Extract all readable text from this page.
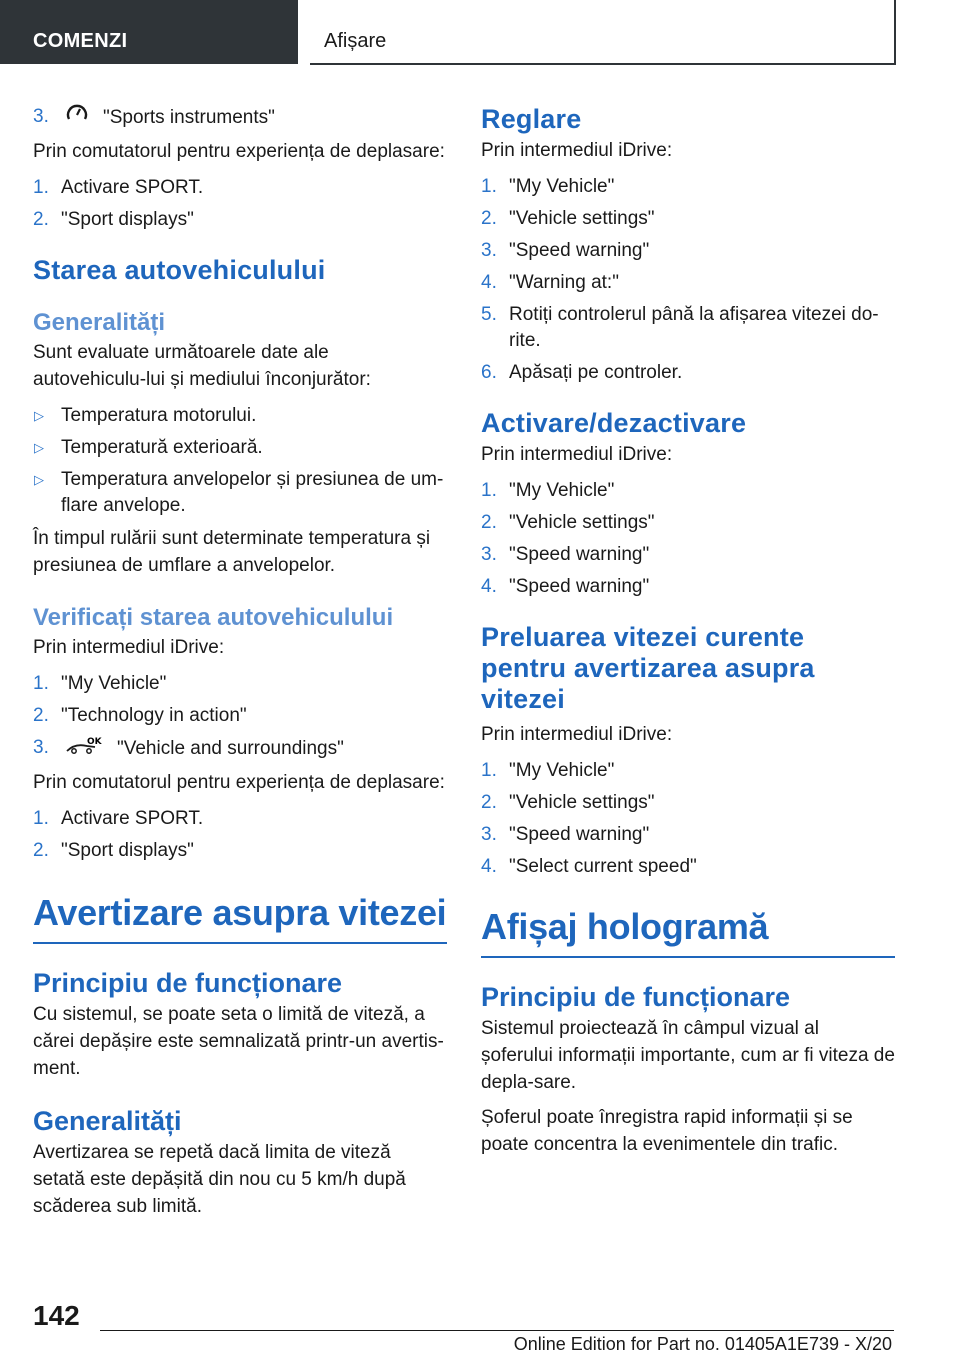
COMENZI	Afișare
3.	"Sports instruments"

Prin comutatorul pentru experiența de deplasare:

1. Activare SPORT.
2. "Sport displays"
Starea autovehiculului
Generalități

Sunt evaluate următoarele date ale autovehiculu-lui și mediului înconjurător:

▷ Temperatura motorului.
▷ Temperatură exterioară.
▷ Temperatura anvelopelor și presiunea de um-flare anvelope.

În timpul rulării sunt determinate temperatura și presiunea de umflare a anvelopelor.

Verificați starea autovehiculului

Prin intermediul iDrive:

1. "My Vehicle"
2. "Technology in action"
3.	OK "Vehicle and surroundings"

Prin comutatorul pentru experiența de deplasare:

1. Activare SPORT.
2. "Sport displays"
Avertizare asupra vitezei
Principiu de funcționare

Cu sistemul, se poate seta o limită de viteză, a cărei depășire este semnalizată printr-un avertis-ment.

Generalități

Avertizarea se repetă dacă limita de viteză setată este depășită din nou cu 5 km/h după scăderea sub limită.

Reglare

Prin intermediul iDrive:

1. "My Vehicle"
2. "Vehicle settings"
3. "Speed warning"
4. "Warning at:"
5. Rotiți controlerul până la afișarea vitezei do-rite.
6. Apăsați pe controler.
Activare/dezactivare

Prin intermediul iDrive:

1. "My Vehicle"
2. "Vehicle settings"
3. "Speed warning"
4. "Speed warning"
Preluarea vitezei curente pentru avertizarea asupra vitezei

Prin intermediul iDrive:

1. "My Vehicle"
2. "Vehicle settings"
3. "Speed warning"
4. "Select current speed"
Afișaj hologramă
Principiu de funcționare

Sistemul proiectează în câmpul vizual al șoferului informații importante, cum ar fi viteza de depla-sare.

Șoferul poate înregistra rapid informații și se poate concentra la evenimentele din trafic.

142
Online Edition for Part no. 01405A1E739 - X/20
